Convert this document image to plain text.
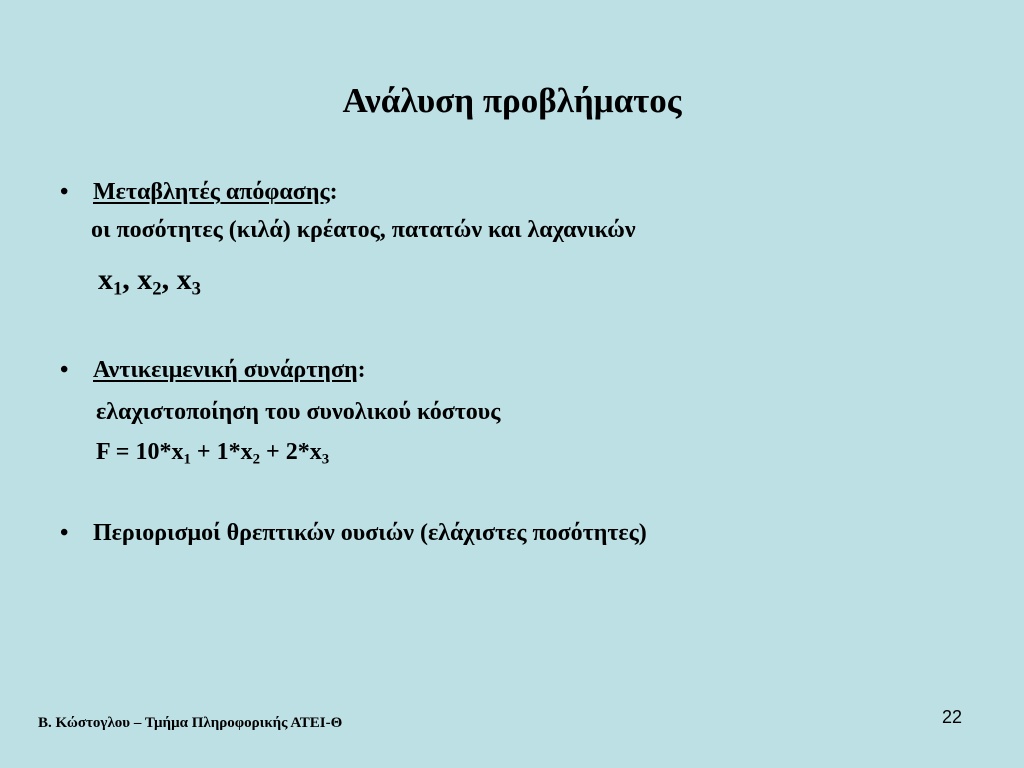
Ανάλυση προβλήματος
• Μεταβλητές απόφασης:
οι ποσότητες (κιλά) κρέατος, πατατών και λαχανικών
$x_1$, $x_2$, $x_3$
• Αντικειμενική συνάρτηση:
ελαχιστοποίηση του συνολικού κόστους
$F = 10*x_1 + 1*x_2 + 2*x_3$
• Περιορισμοί θρεπτικών ουσιών (ελάχιστες ποσότητες)
Β. Κώστογλου – Τμήμα Πληροφορικής ΑΤΕΙ-Θ	22
